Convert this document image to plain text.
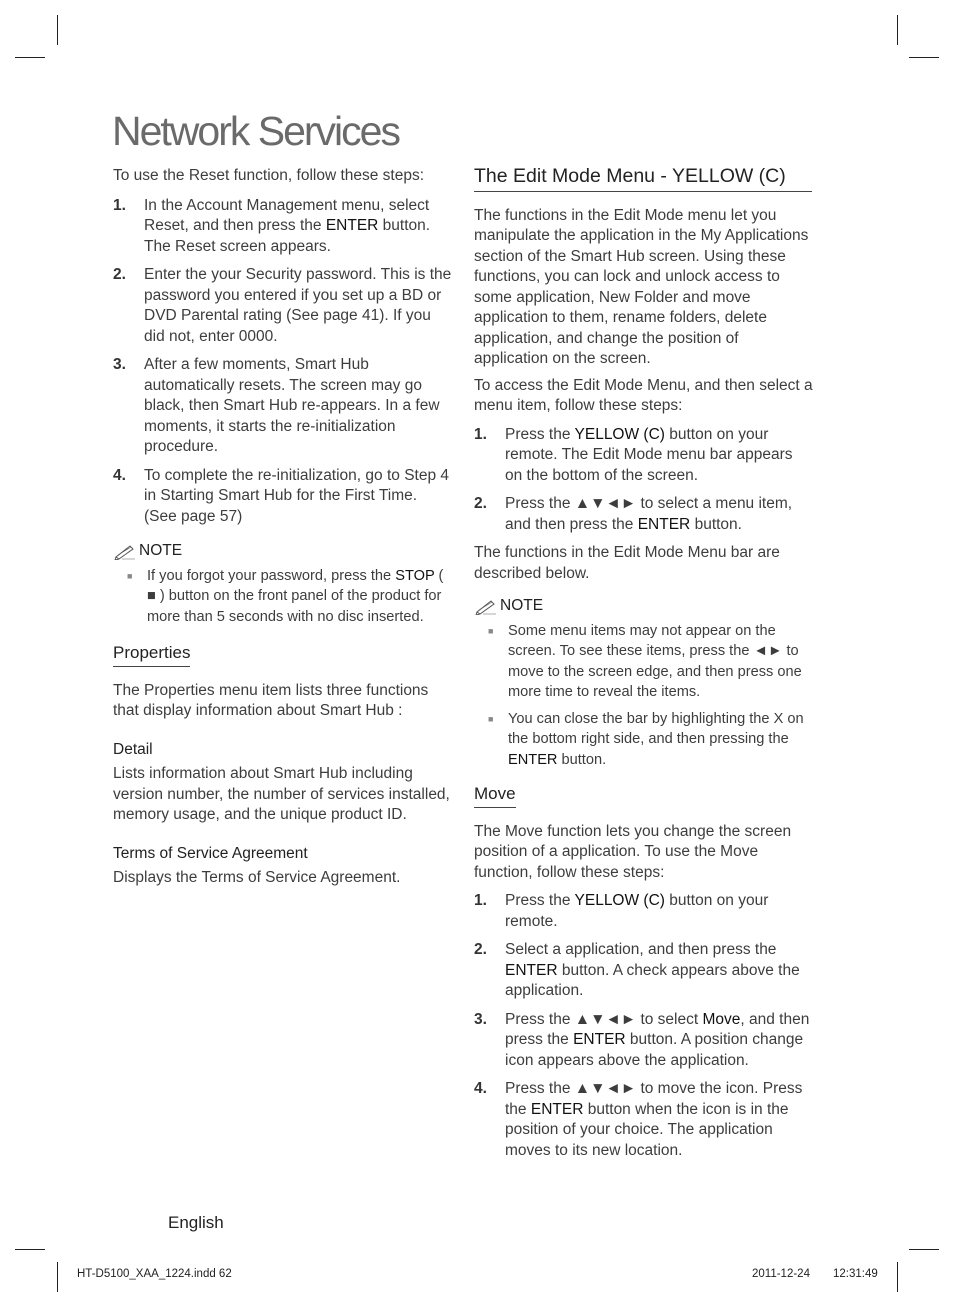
Network Services

To use the Reset function, follow these steps:

1.	In the Account Management menu, select Reset, and then press the ENTER button. The Reset screen appears.
2.	Enter the your Security password. This is the password you entered if you set up a BD or DVD Parental rating (See page 41). If you did not, enter 0000.
3.	After a few moments, Smart Hub automatically resets. The screen may go black, then Smart Hub re-appears. In a few moments, it starts the re-initialization procedure.
4.	To complete the re-initialization, go to Step 4 in Starting Smart Hub for the First Time. (See page 57)
NOTE
■ If you forgot your password, press the STOP ( ■ ) button on the front panel of the product for more than 5 seconds with no disc inserted.
Properties

The Properties menu item lists three functions that display information about Smart Hub :

Detail

Lists information about Smart Hub including version number, the number of services installed, memory usage, and the unique product ID.

Terms of Service Agreement

Displays the Terms of Service Agreement.

The Edit Mode Menu - YELLOW (C)

The functions in the Edit Mode menu let you manipulate the application in the My Applications section of the Smart Hub screen. Using these functions, you can lock and unlock access to some application, New Folder and move application to them, rename folders, delete application, and change the position of application on the screen.

To access the Edit Mode Menu, and then select a menu item, follow these steps:

1.	Press the YELLOW (C) button on your remote. The Edit Mode menu bar appears on the bottom of the screen.
2.	Press the ▲▼◄► to select a menu item, and then press the ENTER button.

The functions in the Edit Mode Menu bar are described below.

NOTE
■ Some menu items may not appear on the screen. To see these items, press the ◄► to move to the screen edge, and then press one more time to reveal the items.
■ You can close the bar by highlighting the X on the bottom right side, and then pressing the ENTER button.
Move

The Move function lets you change the screen position of a application. To use the Move function, follow these steps:

1.	Press the YELLOW (C) button on your remote.
2.	Select a application, and then press the ENTER button. A check appears above the application.
3.	Press the ▲▼◄► to select Move, and then press the ENTER button. A position change icon appears above the application.
4.	Press the ▲▼◄► to move the icon. Press the ENTER button when the icon is in the position of your choice. The application moves to its new location.
English
HT-D5100_XAA_1224.indd 62	2011-12-24 12:31:49
